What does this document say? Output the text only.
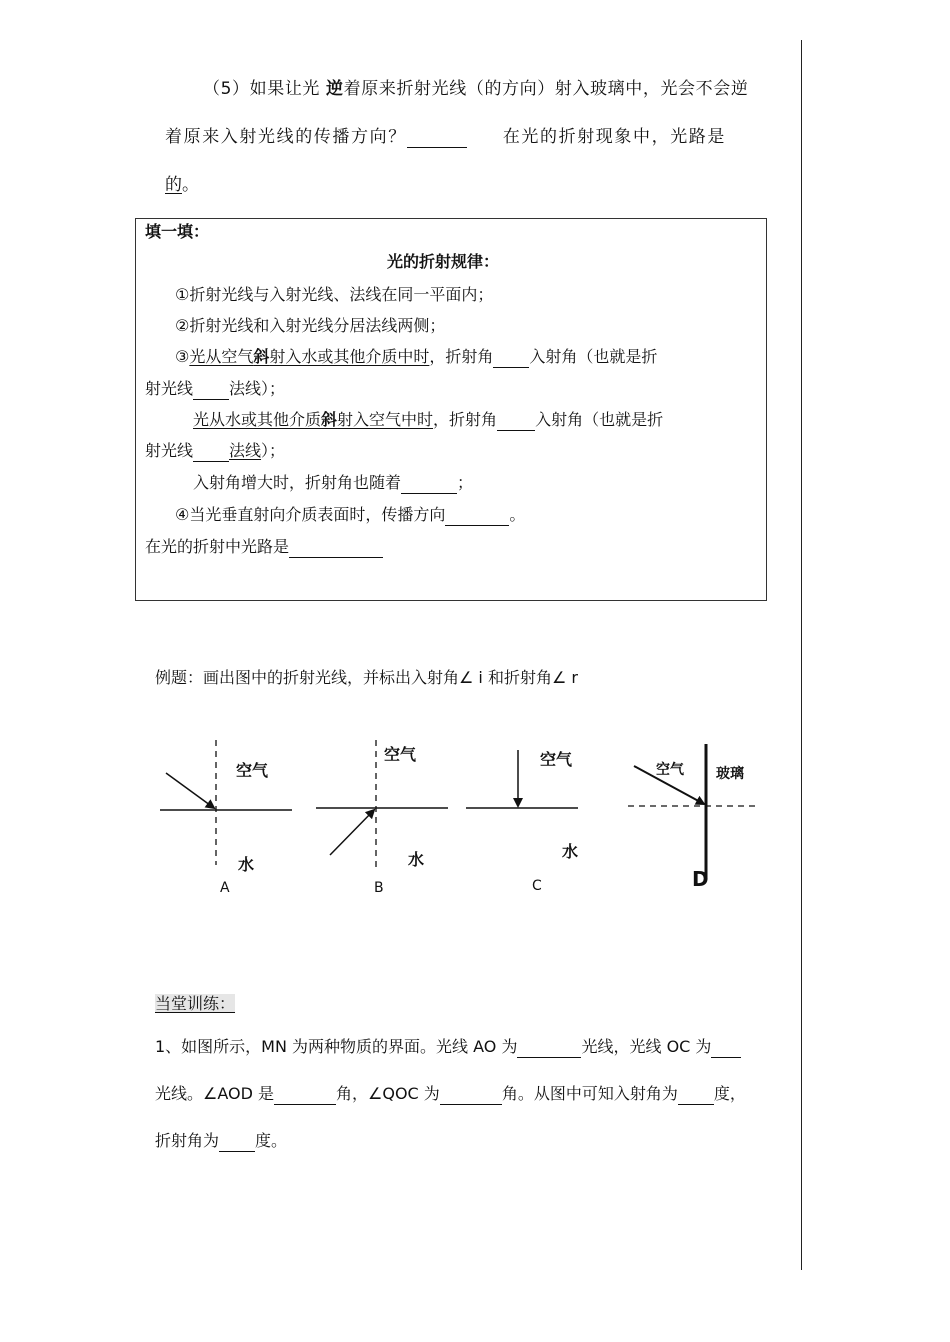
（5）如果让光 逆着原来折射光线（的方向）射入玻璃中，光会不会逆
着原来入射光线的传播方向？	在光的折射现象中，光路是
的。
填一填：
光的折射规律：
①折射光线与入射光线、法线在同一平面内；
②折射光线和入射光线分居法线两侧；
③光从空气斜射入水或其他介质中时，折射角 入射角（也就是折
射光线 法线）；
光从水或其他介质斜射入空气中时，折射角 入射角（也就是折
射光线 法线）；
入射角增大时，折射角也随着	；
④当光垂直射向介质表面时，传播方向	。
在光的折射中光路是
例题：画出图中的折射光线，并标出入射角∠ i 和折射角∠ r
空气
水
A
空气
水
B
空气
水
C
空气 玻璃
D
当堂训练：
1、如图所示，MN 为两种物质的界面。光线 AO 为	光线，光线 OC 为
光线。∠AOD 是	角，∠QOC 为	角。从图中可知入射角为 度，
折射角为 度。
